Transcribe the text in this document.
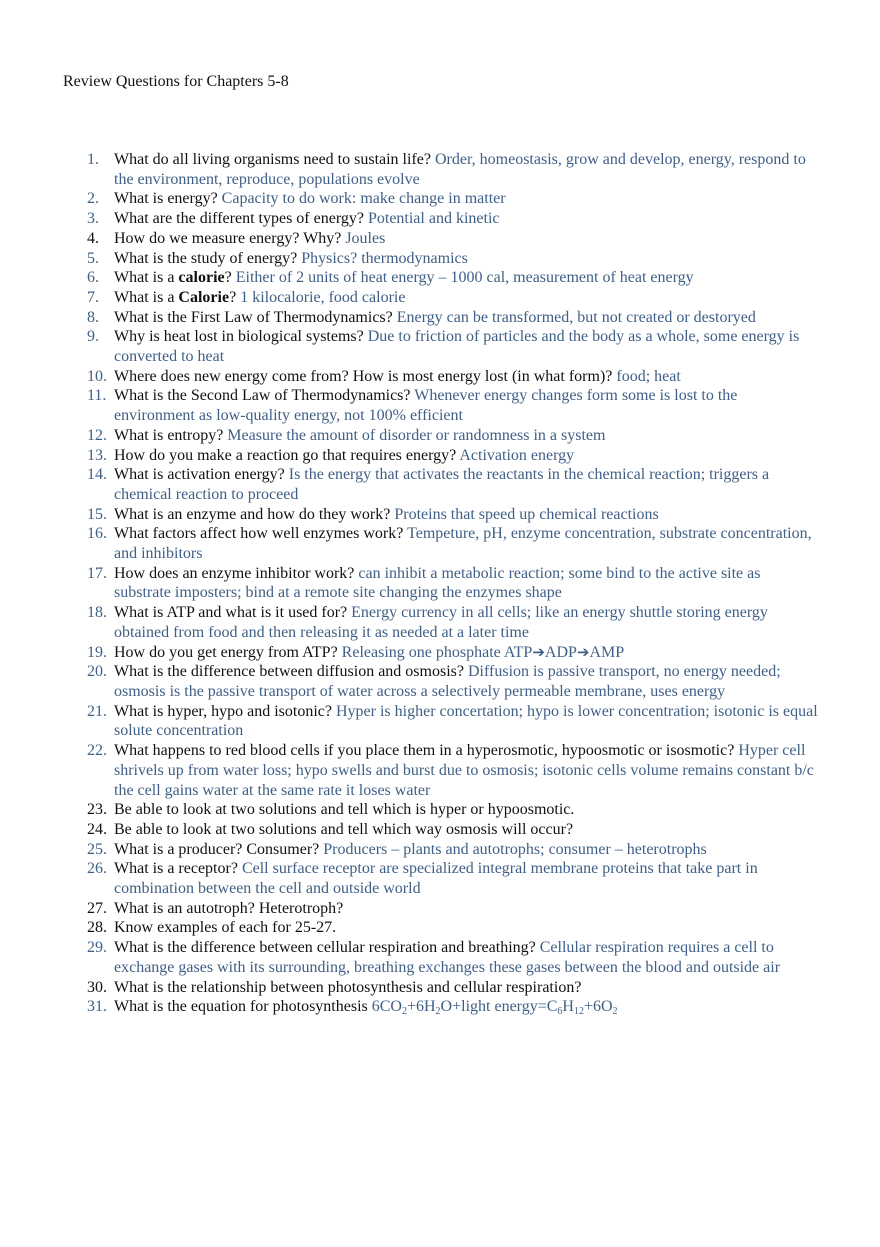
Review Questions for Chapters 5-8
1. What do all living organisms need to sustain life? Order, homeostasis, grow and develop, energy, respond to the environment, reproduce, populations evolve
2. What is energy? Capacity to do work: make change in matter
3. What are the different types of energy? Potential and kinetic
4. How do we measure energy? Why? Joules
5. What is the study of energy? Physics? thermodynamics
6. What is a calorie? Either of 2 units of heat energy – 1000 cal, measurement of heat energy
7. What is a Calorie? 1 kilocalorie, food calorie
8. What is the First Law of Thermodynamics? Energy can be transformed, but not created or destoryed
9. Why is heat lost in biological systems? Due to friction of particles and the body as a whole, some energy is converted to heat
10. Where does new energy come from? How is most energy lost (in what form)? food; heat
11. What is the Second Law of Thermodynamics? Whenever energy changes form some is lost to the environment as low-quality energy, not 100% efficient
12. What is entropy? Measure the amount of disorder or randomness in a system
13. How do you make a reaction go that requires energy? Activation energy
14. What is activation energy? Is the energy that activates the reactants in the chemical reaction; triggers a chemical reaction to proceed
15. What is an enzyme and how do they work? Proteins that speed up chemical reactions
16. What factors affect how well enzymes work? Tempeture, pH, enzyme concentration, substrate concentration, and inhibitors
17. How does an enzyme inhibitor work? can inhibit a metabolic reaction; some bind to the active site as substrate imposters; bind at a remote site changing the enzymes shape
18. What is ATP and what is it used for? Energy currency in all cells; like an energy shuttle storing energy obtained from food and then releasing it as needed at a later time
19. How do you get energy from ATP? Releasing one phosphate ATP➔ADP➔AMP
20. What is the difference between diffusion and osmosis? Diffusion is passive transport, no energy needed; osmosis is the passive transport of water across a selectively permeable membrane, uses energy
21. What is hyper, hypo and isotonic? Hyper is higher concertation; hypo is lower concentration; isotonic is equal solute concentration
22. What happens to red blood cells if you place them in a hyperosmotic, hypoosmotic or isosmotic? Hyper cell shrivels up from water loss; hypo swells and burst due to osmosis; isotonic cells volume remains constant b/c the cell gains water at the same rate it loses water
23. Be able to look at two solutions and tell which is hyper or hypoosmotic.
24. Be able to look at two solutions and tell which way osmosis will occur?
25. What is a producer? Consumer? Producers – plants and autotrophs; consumer – heterotrophs
26. What is a receptor? Cell surface receptor are specialized integral membrane proteins that take part in combination between the cell and outside world
27. What is an autotroph? Heterotroph?
28. Know examples of each for 25-27.
29. What is the difference between cellular respiration and breathing? Cellular respiration requires a cell to exchange gases with its surrounding, breathing exchanges these gases between the blood and outside air
30. What is the relationship between photosynthesis and cellular respiration?
31. What is the equation for photosynthesis $6CO_2+6H_2O+light$ $energy=C_6H_{12}+6O_2$
